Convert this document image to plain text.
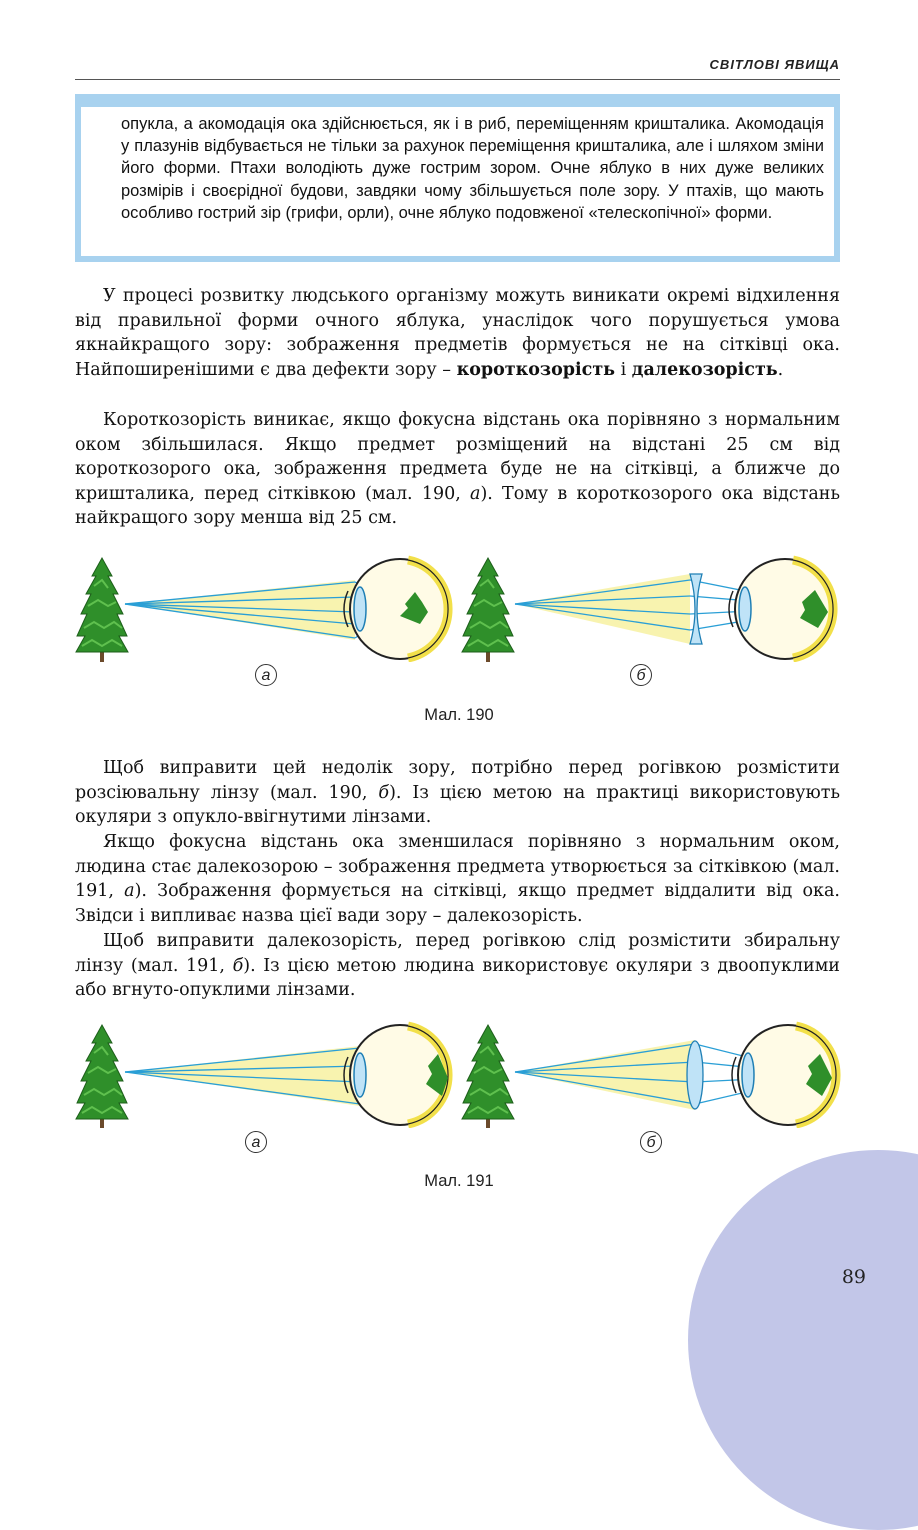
СВІТЛОВІ ЯВИЩА

опукла, а акомодація ока здійснюється, як і в риб, переміщенням кришталика. Акомодація у плазунів відбувається не тільки за рахунок переміщення кришталика, але і шляхом зміни його форми. Птахи володіють дуже гострим зором. Очне яблуко в них дуже великих розмірів і своєрідної будови, завдяки чому збільшується поле зору. У птахів, що мають особливо гострий зір (грифи, орли), очне яблуко подовженої «телескопічної» форми.

У процесі розвитку людського організму можуть виникати окремі відхилення від правильної форми очного яблука, унаслідок чого порушується умова якнайкращого зору: зображення предметів формується не на сітківці ока. Найпоширенішими є два дефекти зору – короткозорість і далекозорість.

Короткозорість виникає, якщо фокусна відстань ока порівняно з нормальним оком збільшилася. Якщо предмет розміщений на відстані 25 см від короткозорого ока, зображення предмета буде не на сітківці, а ближче до кришталика, перед сітківкою (мал. 190, а). Тому в короткозорого ока відстань найкращого зору менша від 25 см.

а	б
Мал. 190

Щоб виправити цей недолік зору, потрібно перед рогівкою розмістити розсіювальну лінзу (мал. 190, б). Із цією метою на практиці використовують окуляри з опукло-ввігнутими лінзами.

Якщо фокусна відстань ока зменшилася порівняно з нормальним оком, людина стає далекозорою – зображення предмета утворюється за сітківкою (мал. 191, а). Зображення формується на сітківці, якщо предмет віддалити від ока. Звідси і випливає назва цієї вади зору – далекозорість.

Щоб виправити далекозорість, перед рогівкою слід розмістити збиральну лінзу (мал. 191, б). Із цією метою людина використовує окуляри з двоопуклими або вгнуто-опуклими лінзами.

а	б
Мал. 191
89
